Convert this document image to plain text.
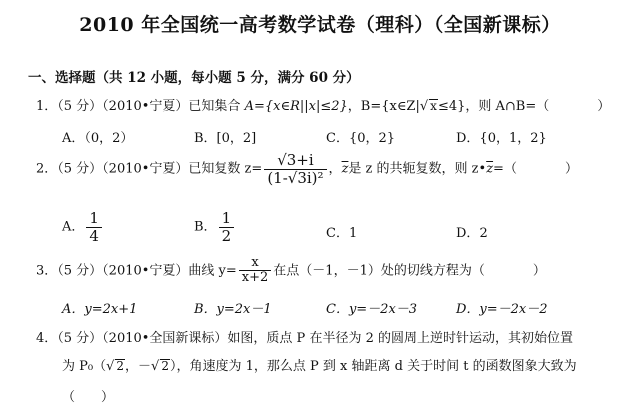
2010 年全国统一高考数学试卷（理科）（全国新课标）
一、选择题（共 12 小题，每小题 5 分，满分 60 分）
1．（5 分）（2010•宁夏）已知集合 A={x∈R||x|≤2}，B={x∈Z|√ x≤4}，则 A∩B=（	）
A．（0，2）	B．[0，2]	C．{0，2}	D．{0，1，2}
2．（5 分）（2010•宁夏）已知复数 $z= \frac{√3+i}{\text{(1-√3i)²}}$ ，$\overline{z}$是 z 的共轭复数，则 $z•\overline{z}=$（	）
A． $\frac{1}{4}$	B． $\frac{1}{2}$	C．1	D．2
3．（5 分）（2010•宁夏）曲线 $y= \frac{x}{x+2}$ 在点（－1，－1）处的切线方程为（	）
A．y=2x+1	B．y=2x－1	C．y=－2x－3	D．y=－2x－2
4．（5 分）（2010•全国新课标）如图，质点 P 在半径为 2 的圆周上逆时针运动，其初始位置
为 P₀（√ 2，－√ 2），角速度为 1，那么点 P 到 x 轴距离 d 关于时间 t 的函数图象大致为
（　　）
